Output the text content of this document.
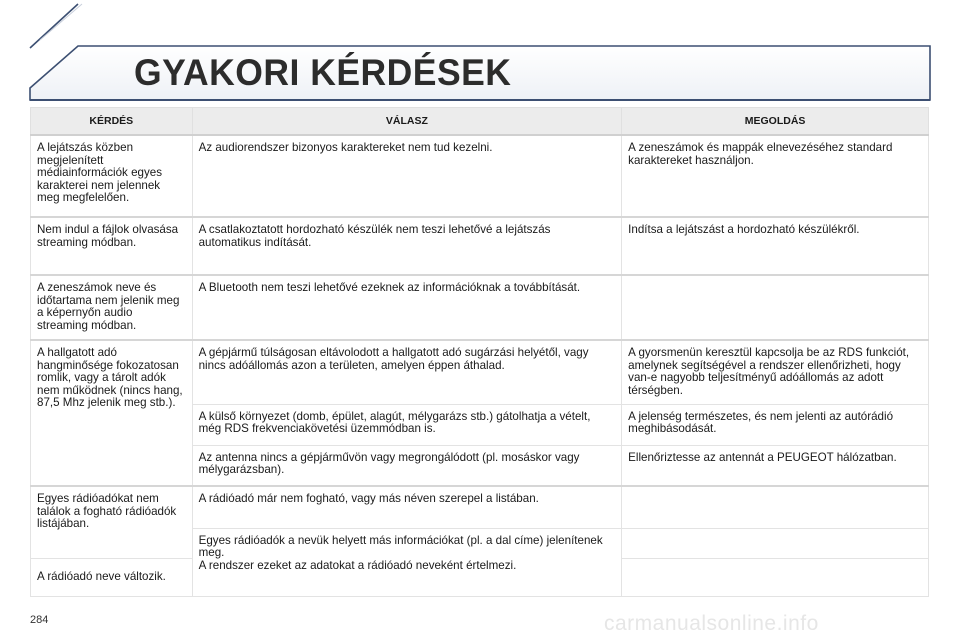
GYAKORI KÉRDÉSEK
KÉRDÉS	VÁLASZ	MEGOLDÁS
A lejátszás közben megjelenített médiainformációk egyes karakterei nem jelennek meg megfelelően.	Az audiorendszer bizonyos karaktereket nem tud kezelni.	A zeneszámok és mappák elnevezéséhez standard karaktereket használjon.
Nem indul a fájlok olvasása streaming módban.	A csatlakoztatott hordozható készülék nem teszi lehetővé a lejátszás automatikus indítását.	Indítsa a lejátszást a hordozható készülékről.
A zeneszámok neve és időtartama nem jelenik meg a képernyőn audio streaming módban.	A Bluetooth nem teszi lehetővé ezeknek az információknak a továbbítását.	
A hallgatott adó hangminősége fokozatosan romlik, vagy a tárolt adók nem működnek (nincs hang, 87,5 Mhz jelenik meg stb.).	A gépjármű túlságosan eltávolodott a hallgatott adó sugárzási helyétől, vagy nincs adóállomás azon a területen, amelyen éppen áthalad.	A gyorsmenün keresztül kapcsolja be az RDS funkciót, amelynek segítségével a rendszer ellenőrizheti, hogy van-e nagyobb teljesítményű adóállomás az adott térségben.
	A külső környezet (domb, épület, alagút, mélygarázs stb.) gátolhatja a vételt, még RDS frekvenciakövetési üzemmódban is.	A jelenség természetes, és nem jelenti az autórádió meghibásodását.
	Az antenna nincs a gépjárművön vagy megrongálódott (pl. mosáskor vagy mélygarázsban).	Ellenőriztesse az antennát a PEUGEOT hálózatban.
Egyes rádióadókat nem találok a fogható rádióadók listájában.	A rádióadó már nem fogható, vagy más néven szerepel a listában.	
	Egyes rádióadók a nevük helyett más információkat (pl. a dal címe) jelenítenek meg.
A rendszer ezeket az adatokat a rádióadó neveként értelmezi.	
A rádióadó neve változik.		
284	carmanualsonline.info
